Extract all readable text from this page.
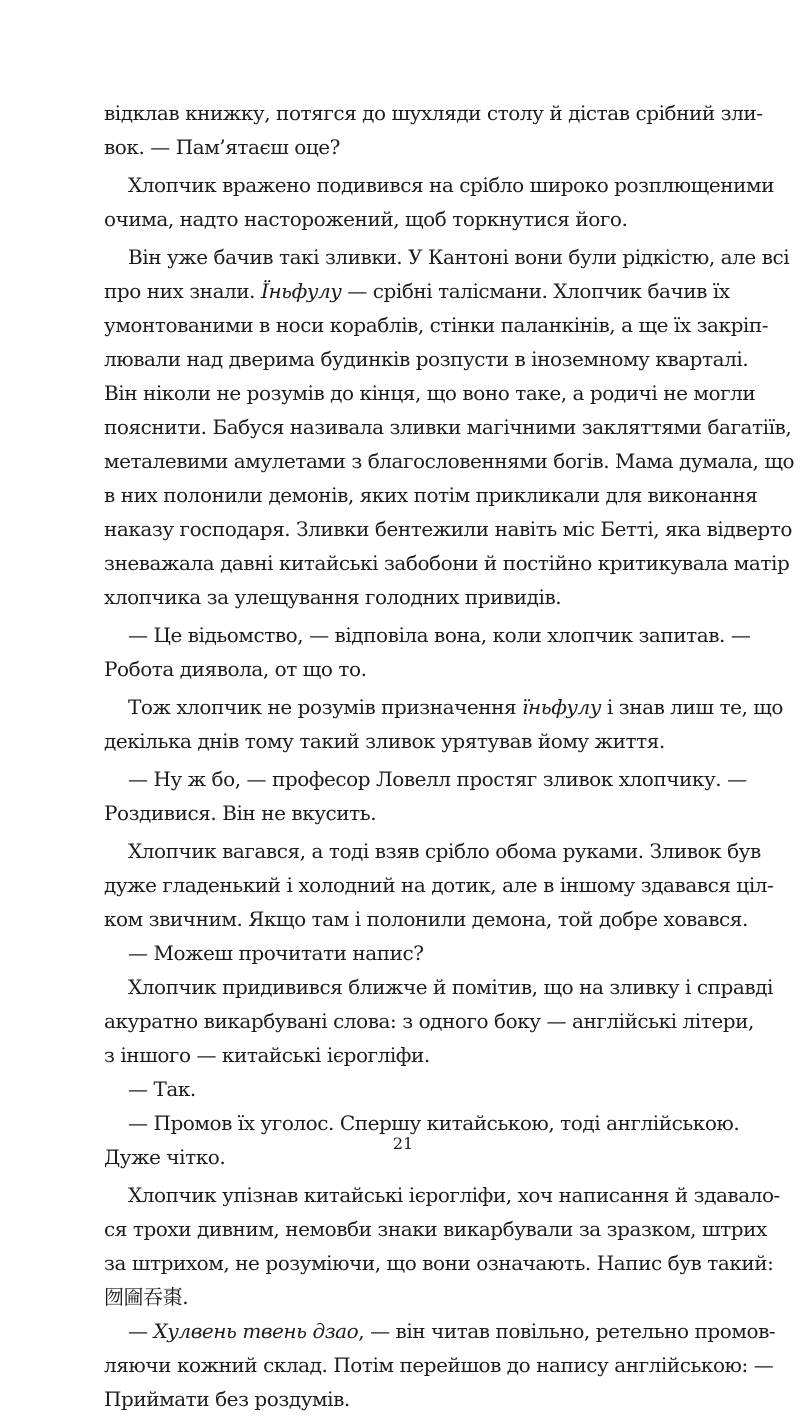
відклав книжку, потягся до шухляди столу й дістав срібний зли-
вок. — Пам’ятаєш оце?
Хлопчик вражено подивився на срібло широко розплющеними
очима, надто насторожений, щоб торкнутися його.
Він уже бачив такі зливки. У Кантоні вони були рідкістю, але всі
про них знали. Їньфулу — срібні талісмани. Хлопчик бачив їх
умонтованими в носи кораблів, стінки паланкінів, а ще їх закріп-
лювали над дверима будинків розпусти в іноземному кварталі.
Він ніколи не розумів до кінця, що воно таке, а родичі не могли
пояснити. Бабуся називала зливки магічними закляттями багатіїв,
металевими амулетами з благословеннями богів. Мама думала, що
в них полонили демонів, яких потім прикликали для виконання
наказу господаря. Зливки бентежили навіть міс Бетті, яка відверто
зневажала давні китайські забобони й постійно критикувала матір
хлопчика за улещування голодних привидів.
— Це відьомство, — відповіла вона, коли хлопчик запитав. —
Робота диявола, от що то.
Тож хлопчик не розумів призначення їньфулу і знав лиш те, що
декілька днів тому такий зливок урятував йому життя.
— Ну ж бо, — професор Ловелл простяг зливок хлопчику. —
Роздивися. Він не вкусить.
Хлопчик вагався, а тоді взяв срібло обома руками. Зливок був
дуже гладенький і холодний на дотик, але в іншому здавався ціл-
ком звичним. Якщо там і полонили демона, той добре ховався.
— Можеш прочитати напис?
Хлопчик придивився ближче й помітив, що на зливку і справді
акуратно викарбувані слова: з одного боку — англійські літери,
з іншого — китайські ієрогліфи.
— Так.
— Промов їх уголос. Спершу китайською, тоді англійською.
Дуже чітко.
Хлопчик упізнав китайські ієрогліфи, хоч написання й здавало-
ся трохи дивним, немовби знаки викарбували за зразком, штрих
за штрихом, не розуміючи, що вони означають. Напис був такий:
囫圇吞棗.
— Хулвень твень дзао, — він читав повільно, ретельно промов-
ляючи кожний склад. Потім перейшов до напису англійською: —
Приймати без роздумів.
21
